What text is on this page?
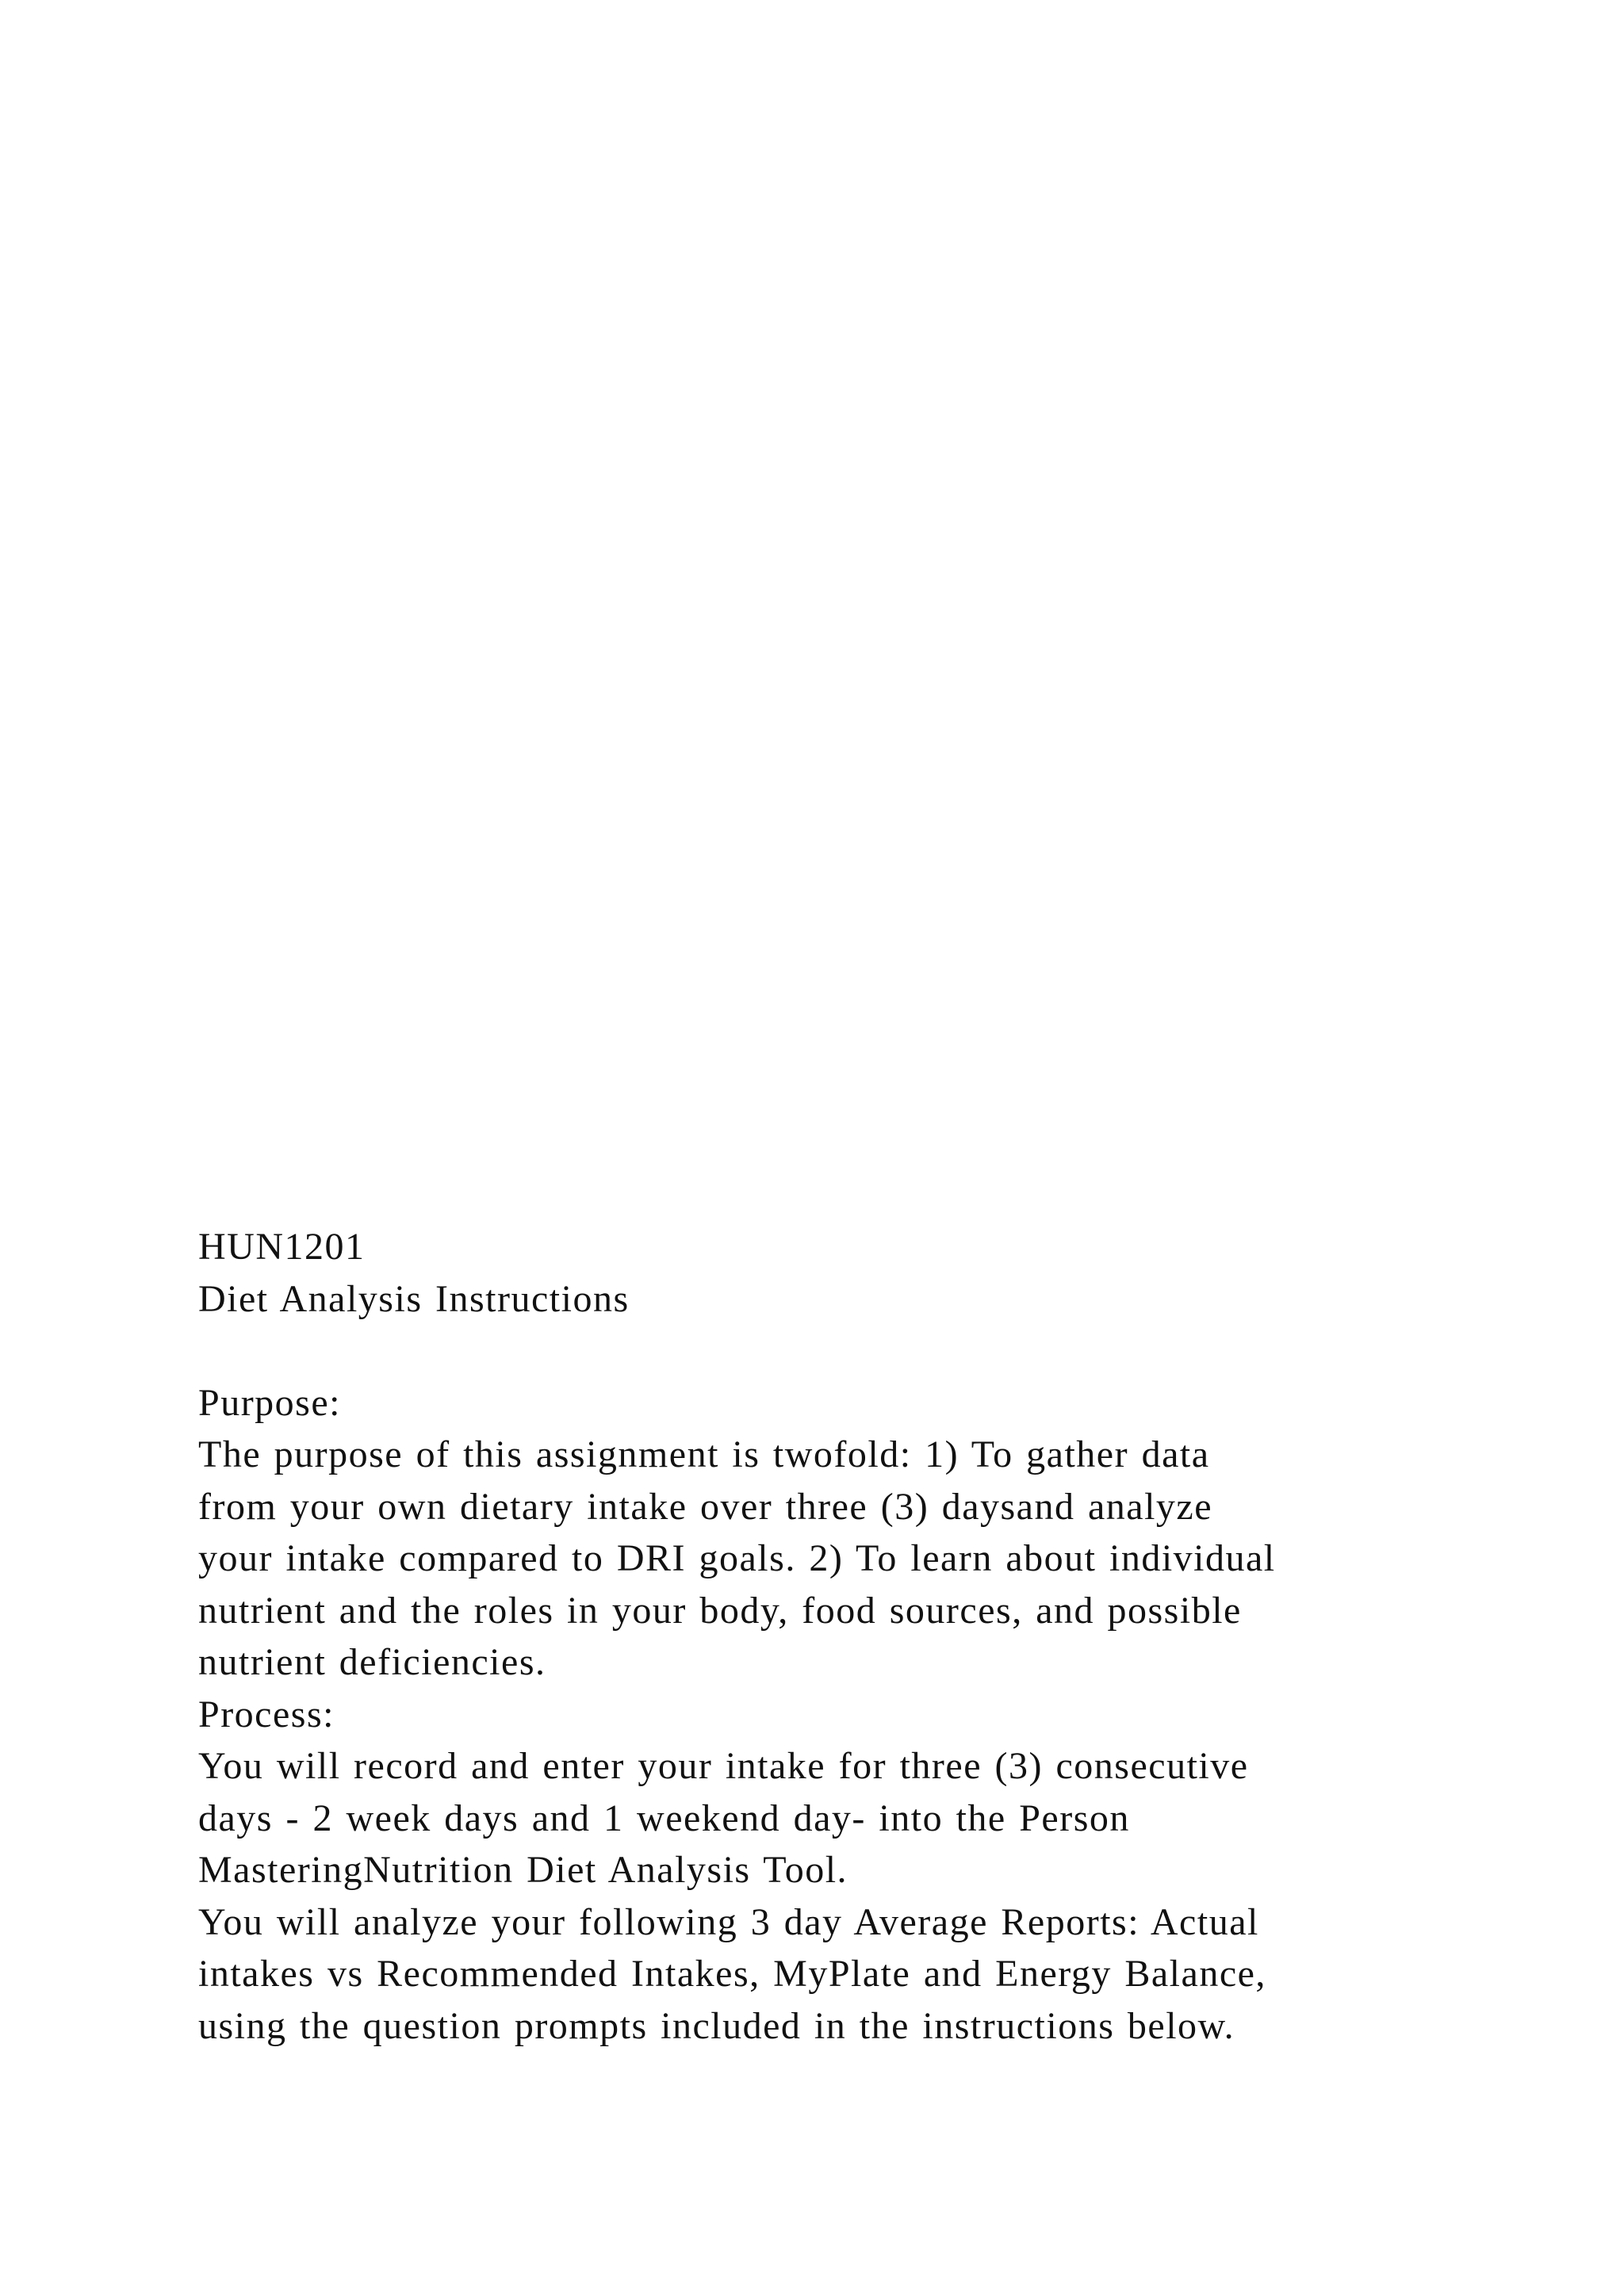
HUN1201
Diet Analysis Instructions

Purpose:
The purpose of this assignment is twofold: 1) To gather data
from your own dietary intake over three (3) daysand analyze
your intake compared to DRI goals. 2) To learn about individual
nutrient and the roles in your body, food sources, and possible
nutrient deficiencies.
Process:
You will record and enter your intake for three (3) consecutive
days - 2 week days and 1 weekend day- into the Person
MasteringNutrition Diet Analysis Tool.
You will analyze your following 3 day Average Reports: Actual
intakes vs Recommended Intakes, MyPlate and Energy Balance,
using the question prompts included in the instructions below.
